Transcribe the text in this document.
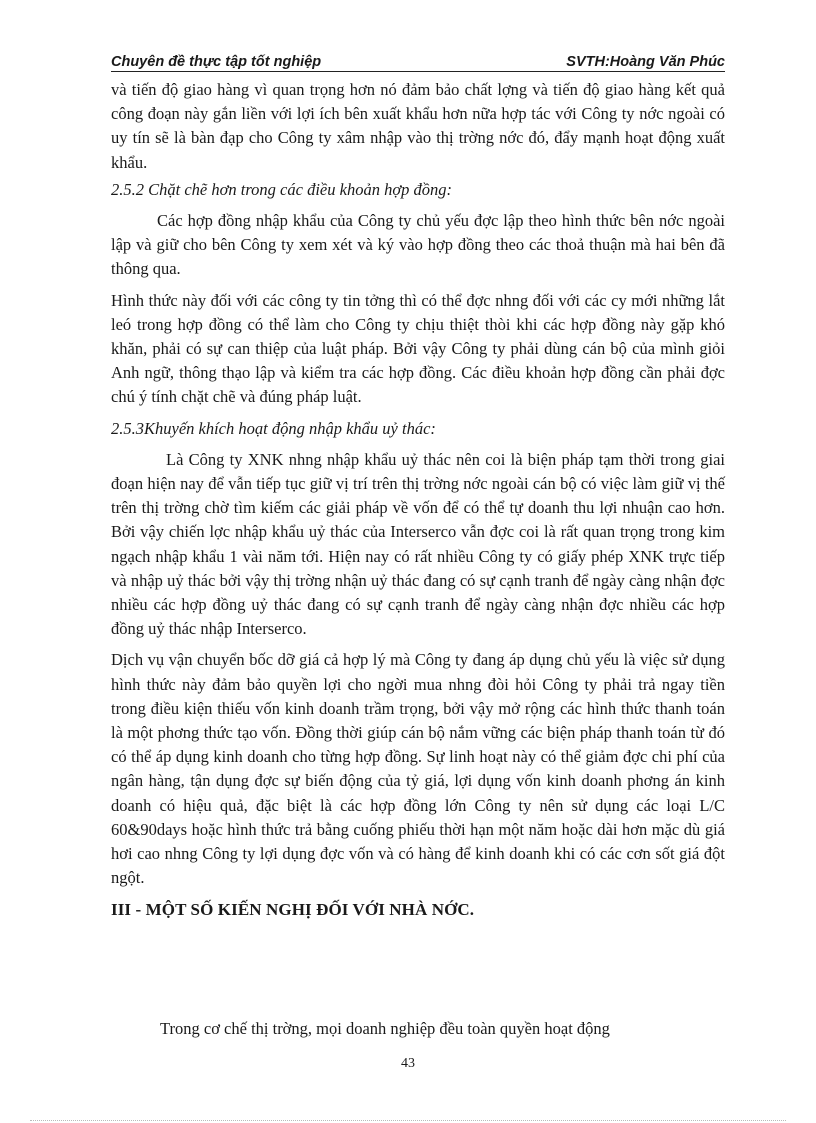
Chuyên đề thực tập tốt nghiệp	SVTH:Hoàng Văn Phúc

và tiến độ giao hàng vì quan trọng hơn nó đảm bảo chất lợng và tiến độ giao hàng kết quả công đoạn này gắn liền với lợi ích bên xuất khẩu hơn nữa hợp tác với Công ty nớc ngoài có uy tín sẽ là bàn đạp cho Công ty xâm nhập vào thị trờng nớc đó, đẩy mạnh hoạt động xuất khẩu.

2.5.2 Chặt chẽ hơn trong các điều khoản hợp đồng:

Các hợp đồng nhập khẩu của Công ty chủ yếu đợc lập theo hình thức bên nớc ngoài lập và giữ cho bên Công ty xem xét và ký vào hợp đồng theo các thoả thuận mà hai bên đã thông qua.

Hình thức này đối với các công ty tin tởng thì có thể đợc nhng đối với các cy mới những lắt leó trong hợp đồng có thể làm cho Công ty chịu thiệt thòi khi các hợp đồng này gặp khó khăn, phải có sự can thiệp của luật pháp. Bởi vậy Công ty phải dùng cán bộ của mình giỏi Anh ngữ, thông thạo lập và kiểm tra các hợp đồng. Các điều khoản hợp đồng cần phải đợc chú ý tính chặt chẽ và đúng pháp luật.

2.5.3Khuyến khích hoạt động nhập khẩu uỷ thác:

Là Công ty XNK nhng nhập khẩu uỷ thác nên coi là biện pháp tạm thời trong giai đoạn hiện nay để vẫn tiếp tục giữ vị trí trên thị trờng nớc ngoài cán bộ có việc làm giữ vị thế trên thị trờng chờ tìm kiếm các giải pháp về vốn để có thể tự doanh thu lợi nhuận cao hơn. Bởi vậy chiến lợc nhập khẩu uỷ thác của Interserco vẫn đợc coi là rất quan trọng trong kim ngạch nhập khẩu 1 vài năm tới. Hiện nay có rất nhiều Công ty có giấy phép XNK trực tiếp và nhập uỷ thác bởi vậy thị trờng nhận uỷ thác đang có sự cạnh tranh để ngày càng nhận đợc nhiều các hợp đồng uỷ thác đang có sự cạnh tranh để ngày càng nhận đợc nhiều các hợp đồng uỷ thác nhập Interserco.

Dịch vụ vận chuyển bốc dỡ giá cả hợp lý mà Công ty đang áp dụng chủ yếu là việc sử dụng hình thức này đảm bảo quyền lợi cho ngời mua nhng đòi hỏi Công ty phải trả ngay tiền trong điều kiện thiếu vốn kinh doanh trầm trọng, bởi vậy mở rộng các hình thức thanh toán là một phơng thức tạo vốn. Đồng thời giúp cán bộ nắm vững các biện pháp thanh toán từ đó có thể áp dụng kinh doanh cho từng hợp đồng. Sự linh hoạt này có thể giảm đợc chi phí của ngân hàng, tận dụng đợc sự biến động của tỷ giá, lợi dụng vốn kinh doanh phơng án kinh doanh có hiệu quả, đặc biệt là các hợp đồng lớn Công ty nên sử dụng các loại L/C 60&90days hoặc hình thức trả bằng cuống phiếu thời hạn một năm hoặc dài hơn mặc dù giá hơi cao nhng Công ty lợi dụng đợc vốn và có hàng để kinh doanh khi có các cơn sốt giá đột ngột.

III - MỘT SỐ KIẾN NGHỊ ĐỐI VỚI NHÀ NỚC.

Trong cơ chế thị trờng, mọi doanh nghiệp đều toàn quyền hoạt động

43
